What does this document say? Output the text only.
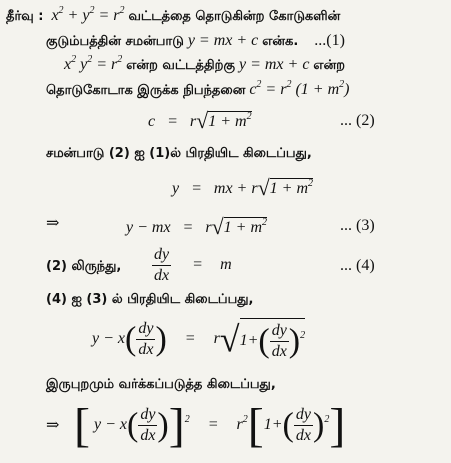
தீர்வு :  $x^2 + y^2 = r^2$ வட்டத்தை தொடுகின்ற கோடுகளின்
குடும்பத்தின் சமன்பாடு y = mx + c என்க. ...(1)
$x^2$ $y^2 = r^2$ என்ற வட்டத்திற்கு y = mx + c என்ற
தொடுகோடாக இருக்க நிபந்தனை $c^2 = r^2$ $(1 + m^2)$
$c = r√1 + m^2$	... (2)
சமன்பாடு (2) ஐ (1)ல் பிரதியிட கிடைப்பது,
y   =   mx + $r√1 + m^2$
⇒	y − mx   =   $r√1 + m^2$	... (3)
(2) லிருந்து, $\frac{dy}{dx} = m$	... (4)
(4) ஐ (3) ல் பிரதியிட கிடைப்பது,
$y - x( \frac{dy}{dx}$ ) = $r√1+( \frac{dy}{dx} )^2$
இருபுறமும் வர்க்கப்படுத்த கிடைப்பது,
⇒ [ $y - x( \frac{dy}{dx} )]^2 = r^2[1+( \frac{dy}{dx} )^2]$
